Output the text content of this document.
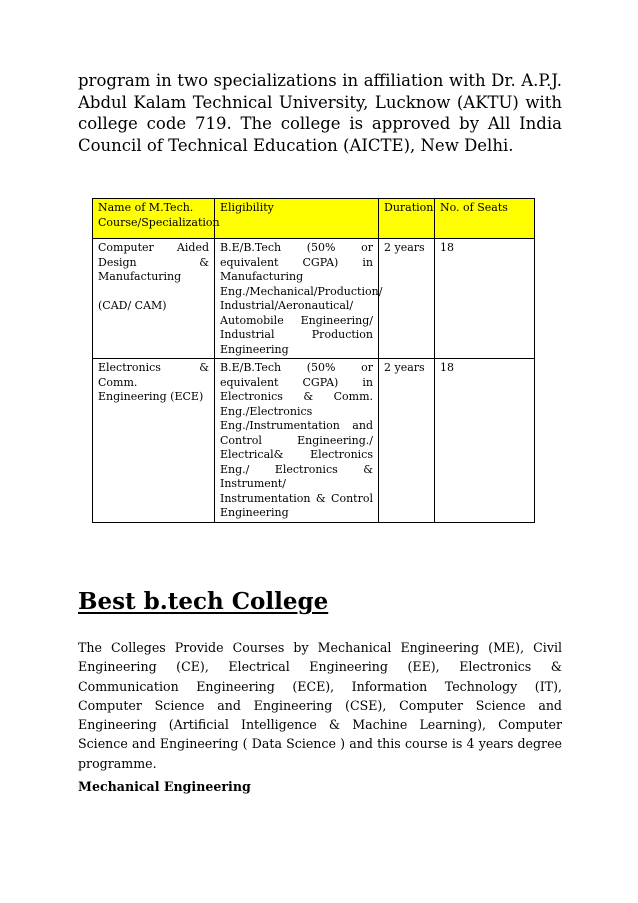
program in two specializations in affiliation with Dr. A.P.J. Abdul Kalam Technical University, Lucknow (AKTU) with college code 719. The college is approved by All India Council of Technical Education (AICTE), New Delhi.

Name of M.Tech. Course/Specialization	Eligibility	Duration	No. of Seats

Computer Aided Design & Manufacturing
(CAD/ CAM)	B.E/B.Tech (50% or equivalent CGPA) in Manufacturing Eng./Mechanical/Production/ Industrial/Aeronautical/ Automobile Engineering/ Industrial Production Engineering	2 years	18
Electronics & Comm. Engineering (ECE)	B.E/B.Tech (50% or equivalent CGPA) in Electronics & Comm. Eng./Electronics Eng./Instrumentation and Control Engineering./ Electrical& Electronics Eng./ Electronics & Instrument/ Instrumentation & Control Engineering	2 years	18
Best b.tech College

The Colleges Provide Courses by Mechanical Engineering (ME), Civil Engineering (CE), Electrical Engineering (EE), Electronics & Communication Engineering (ECE), Information Technology (IT), Computer Science and Engineering (CSE), Computer Science and Engineering (Artificial Intelligence & Machine Learning), Computer Science and Engineering ( Data Science ) and this course is 4 years degree programme.

Mechanical Engineering
